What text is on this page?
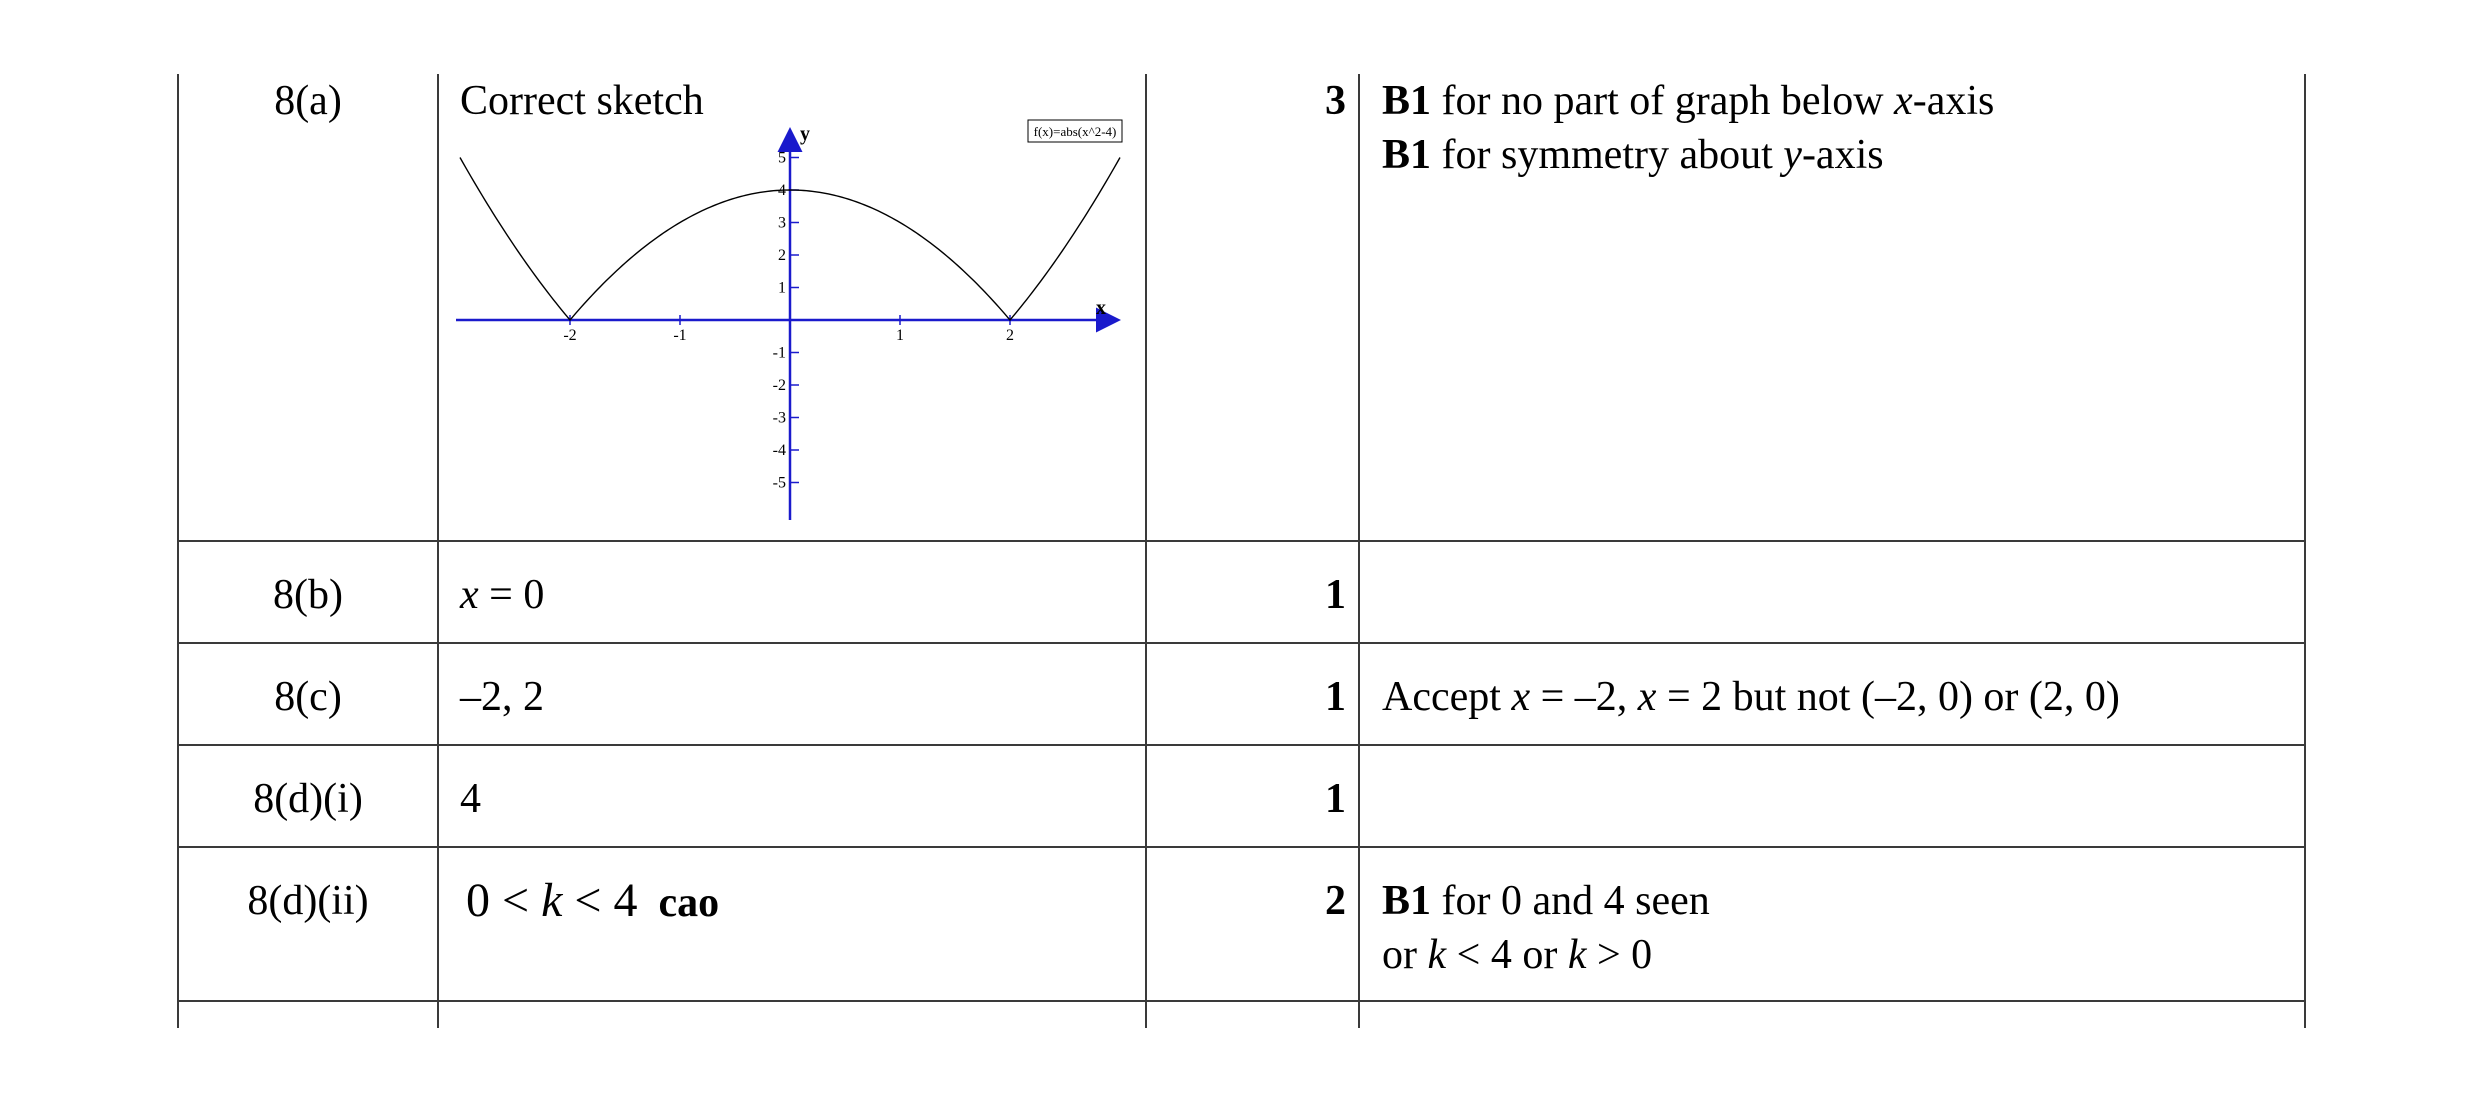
8(a)	Correct sketch	3 B1 for no part of graph below x-axis
B1 for symmetry about y-axis
x
y
-2	-1	1	2
5
4
3
2
1
-1
-2
-3
-4
-5
f(x)=abs(x^2-4)
8(b)	x = 0	1
8(c)	–2, 2	1 Accept x = –2, x = 2 but not (–2, 0) or (2, 0)
8(d)(i)	4	1
8(d)(ii)	0 < k < 4 cao	2 B1 for 0 and 4 seen
or k < 4 or k > 0
